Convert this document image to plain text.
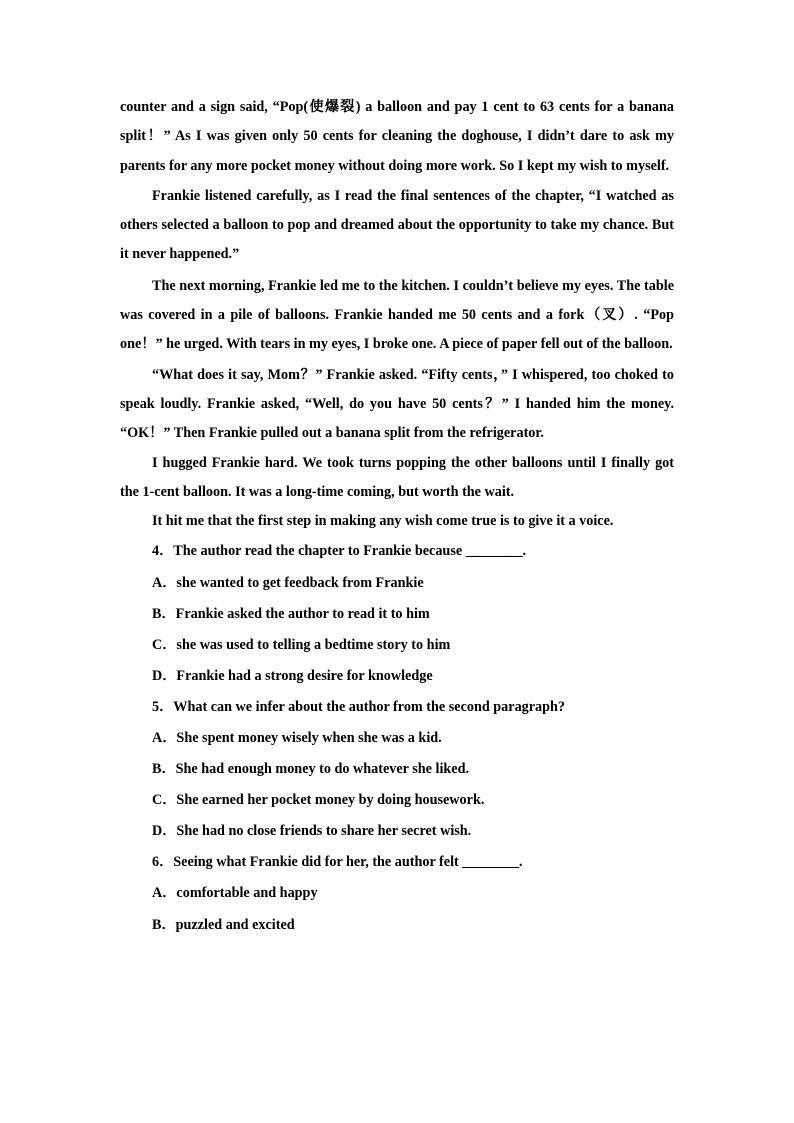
counter and a sign said, “Pop(使爆裂) a balloon and pay 1 cent to 63 cents for a banana split！” As I was given only 50 cents for cleaning the doghouse, I didn’t dare to ask my parents for any more pocket money without doing more work. So I kept my wish to myself.

Frankie listened carefully, as I read the final sentences of the chapter, “I watched as others selected a balloon to pop and dreamed about the opportunity to take my chance. But it never happened.”

The next morning, Frankie led me to the kitchen. I couldn’t believe my eyes. The table was covered in a pile of balloons. Frankie handed me 50 cents and a fork（叉）. “Pop one！” he urged. With tears in my eyes, I broke one. A piece of paper fell out of the balloon.

“What does it say, Mom？” Frankie asked. “Fifty cents，” I whispered, too choked to speak loudly. Frankie asked, “Well, do you have 50 cents？” I handed him the money. “OK！” Then Frankie pulled out a banana split from the refrigerator.

I hugged Frankie hard. We took turns popping the other balloons until I finally got the 1-cent balloon. It was a long-time coming, but worth the wait.

It hit me that the first step in making any wish come true is to give it a voice.

4．The author read the chapter to Frankie because ________.

A．she wanted to get feedback from Frankie

B．Frankie asked the author to read it to him

C．she was used to telling a bedtime story to him

D．Frankie had a strong desire for knowledge

5．What can we infer about the author from the second paragraph?

A．She spent money wisely when she was a kid.

B．She had enough money to do whatever she liked.

C．She earned her pocket money by doing housework.

D．She had no close friends to share her secret wish.

6．Seeing what Frankie did for her, the author felt ________.

A．comfortable and happy

B．puzzled and excited
